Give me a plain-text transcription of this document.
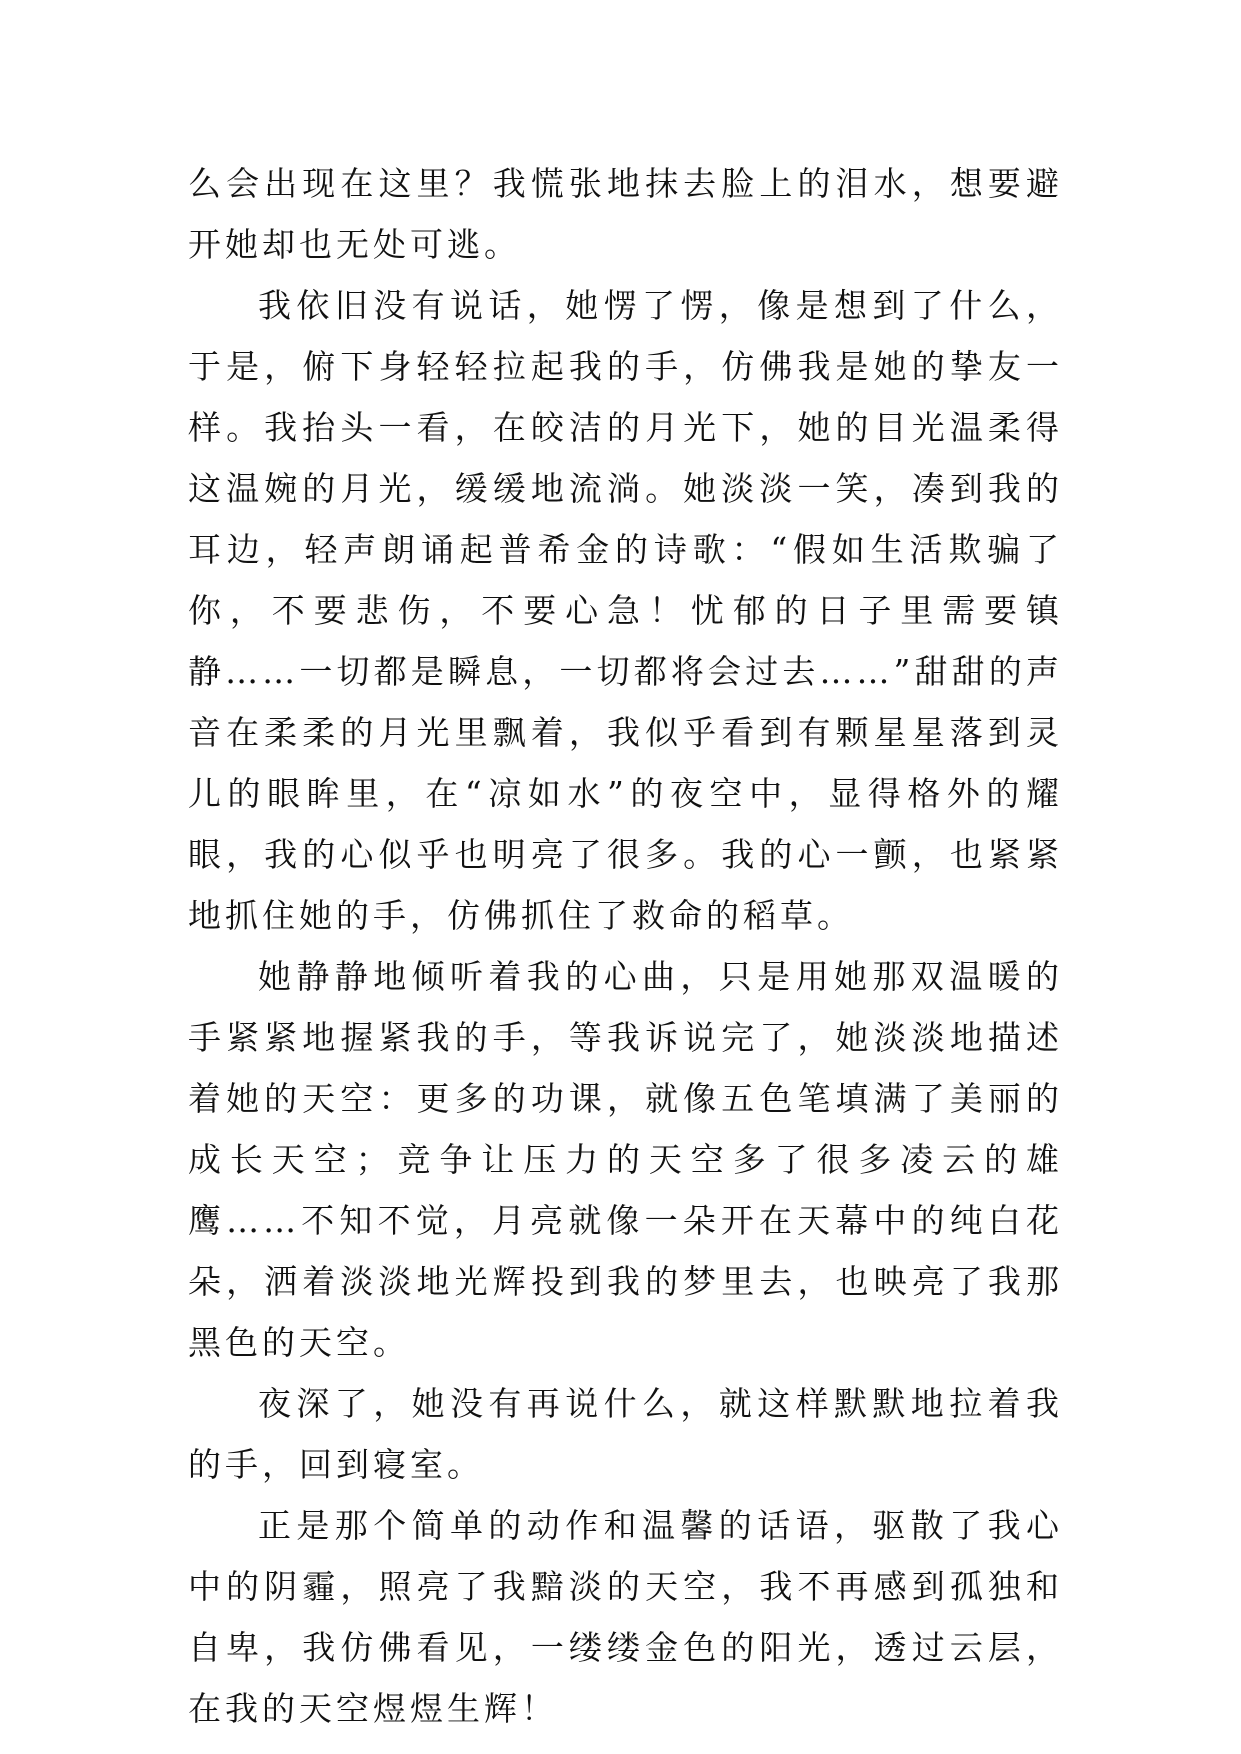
么会出现在这里？我慌张地抹去脸上的泪水，想要避开她却也无处可逃。

我依旧没有说话，她愣了愣，像是想到了什么，于是，俯下身轻轻拉起我的手，仿佛我是她的挚友一样。我抬头一看，在皎洁的月光下，她的目光温柔得这温婉的月光，缓缓地流淌。她淡淡一笑，凑到我的耳边，轻声朗诵起普希金的诗歌：“假如生活欺骗了你，不要悲伤，不要心急！忧郁的日子里需要镇静……一切都是瞬息，一切都将会过去……”甜甜的声音在柔柔的月光里飘着，我似乎看到有颗星星落到灵儿的眼眸里，在“凉如水”的夜空中，显得格外的耀眼，我的心似乎也明亮了很多。我的心一颤，也紧紧地抓住她的手，仿佛抓住了救命的稻草。

她静静地倾听着我的心曲，只是用她那双温暖的手紧紧地握紧我的手，等我诉说完了，她淡淡地描述着她的天空：更多的功课，就像五色笔填满了美丽的成长天空；竞争让压力的天空多了很多凌云的雄鹰……不知不觉，月亮就像一朵开在天幕中的纯白花朵，洒着淡淡地光辉投到我的梦里去，也映亮了我那黑色的天空。

夜深了，她没有再说什么，就这样默默地拉着我的手，回到寝室。

正是那个简单的动作和温馨的话语，驱散了我心中的阴霾，照亮了我黯淡的天空，我不再感到孤独和自卑，我仿佛看见，一缕缕金色的阳光，透过云层，在我的天空煜煜生辉！
